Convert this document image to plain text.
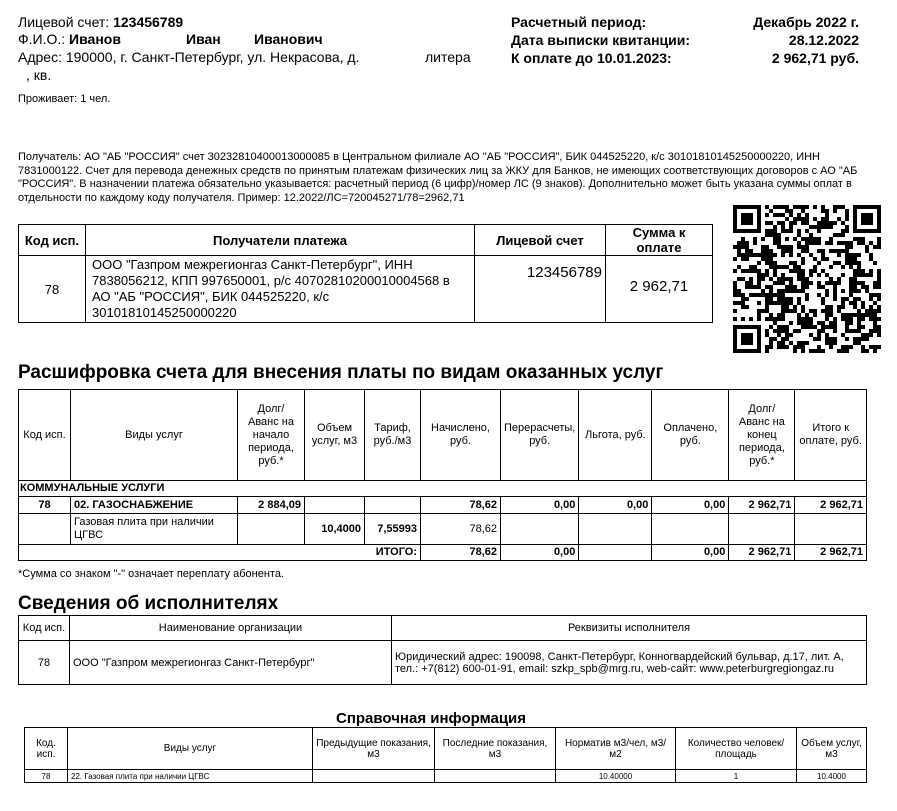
Лицевой счет: 123456789
Ф.И.О.: Иванов	Иван Иванович
Адрес: 190000, г. Санкт-Петербург, ул. Некрасова, д.	литера
, кв.
Проживает: 1 чел.
Расчетный период:	Декабрь 2022 г.
Дата выписки квитанции:	28.12.2022
К оплате до 10.01.2023:	2 962,71 руб.
Получатель: АО "АБ "РОССИЯ" счет 30232810400013000085 в Центральном филиале АО "АБ "РОССИЯ", БИК 044525220, к/с 30101810145250000220, ИНН 7831000122. Счет для перевода денежных средств по принятым платежам физических лиц за ЖКУ для Банков, не имеющих соответствующих договоров с АО "АБ "РОССИЯ". В назначении платежа обязательно указывается: расчетный период (6 цифр)/номер ЛС (9 знаков). Дополнительно может быть указана суммы оплат в отдельности по каждому коду получателя. Пример: 12.2022/ЛС=720045271/78=2962,71
Код исп.	Получатели платежа	Лицевой счет	Сумма к оплате
78	ООО "Газпром межрегионгаз Санкт-Петербург", ИНН 7838056212, КПП 997650001, р/с 40702810200010004568 в АО "АБ "РОССИЯ", БИК 044525220, к/с 30101810145250000220	123456789	2 962,71
Расшифровка счета для внесения платы по видам оказанных услуг
Код исп.	Виды услуг	Долг/ Аванс на начало периода, руб.*	Объем услуг, м3	Тариф, руб./м3	Начислено, руб.	Перерасчеты, руб.	Льгота, руб.	Оплачено, руб.	Долг/ Аванс на конец периода, руб.*	Итого к оплате, руб.
КОММУНАЛЬНЫЕ УСЛУГИ										
78	02. ГАЗОСНАБЖЕНИЕ	2 884,09			78,62	0,00	0,00	0,00	2 962,71	2 962,71
	Газовая плита при наличии ЦГВС		10,4000	7,55993	78,62					
ИТОГО:					78,62	0,00		0,00	2 962,71	2 962,71
*Сумма со знаком "-" означает переплату абонента.
Сведения об исполнителях
Код исп.	Наименование организации	Реквизиты исполнителя
78	ООО "Газпром межрегионгаз Санкт-Петербург"	Юридический адрес: 190098, Санкт-Петербург, Конногвардейский бульвар, д.17, лит. А, тел.: +7(812) 600-01-91, email: szkp_spb@mrg.ru, web-сайт: www.peterburgregiongaz.ru
Справочная информация
Код. исп.	Виды услуг	Предыдущие показания, м3	Последние показания, м3	Норматив м3/чел, м3/м2	Количество человек/ площадь	Объем услуг, м3
78	22. Газовая плита при наличии ЦГВС			10.40000	1	10.4000
